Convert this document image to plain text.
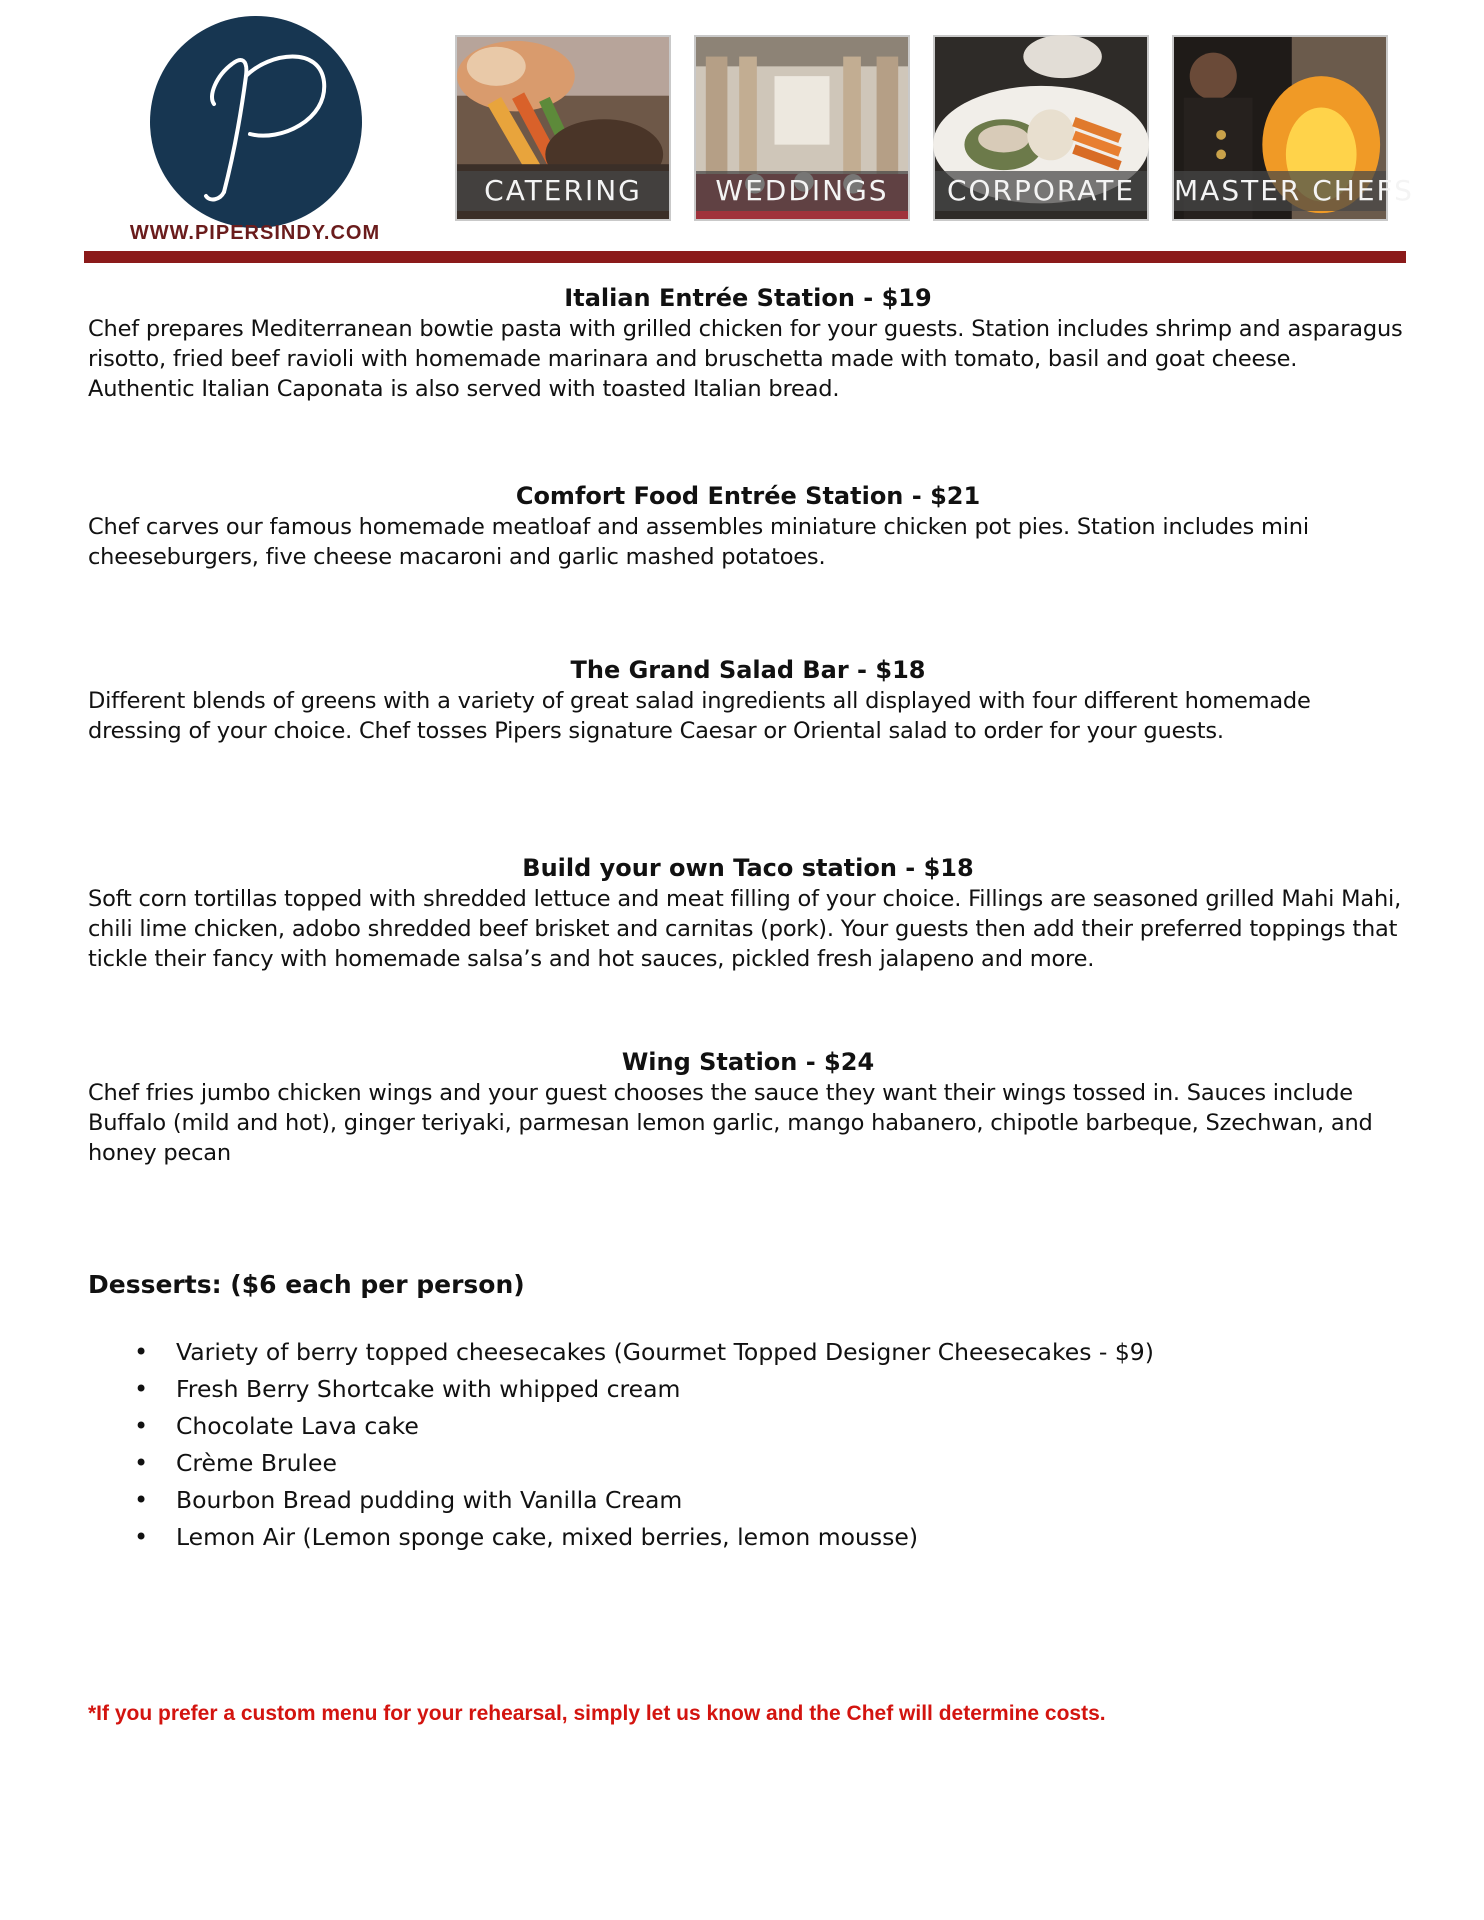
WWW.PIPERSINDY.COM
CATERING	WEDDINGS	CORPORATE	MASTER CHEFS
Italian Entrée Station - $19

Chef prepares Mediterranean bowtie pasta with grilled chicken for your guests. Station includes shrimp and asparagus risotto, fried beef ravioli with homemade marinara and bruschetta made with tomato, basil and goat cheese. Authentic Italian Caponata is also served with toasted Italian bread.

Comfort Food Entrée Station - $21

Chef carves our famous homemade meatloaf and assembles miniature chicken pot pies. Station includes mini cheeseburgers, five cheese macaroni and garlic mashed potatoes.

The Grand Salad Bar - $18

Different blends of greens with a variety of great salad ingredients all displayed with four different homemade dressing of your choice. Chef tosses Pipers signature Caesar or Oriental salad to order for your guests.

Build your own Taco station - $18

Soft corn tortillas topped with shredded lettuce and meat filling of your choice. Fillings are seasoned grilled Mahi Mahi, chili lime chicken, adobo shredded beef brisket and carnitas (pork). Your guests then add their preferred toppings that tickle their fancy with homemade salsa’s and hot sauces, pickled fresh jalapeno and more.

Wing Station - $24

Chef fries jumbo chicken wings and your guest chooses the sauce they want their wings tossed in. Sauces include Buffalo (mild and hot), ginger teriyaki, parmesan lemon garlic, mango habanero, chipotle barbeque, Szechwan, and honey pecan

Desserts: ($6 each per person)
• Variety of berry topped cheesecakes (Gourmet Topped Designer Cheesecakes - $9)
• Fresh Berry Shortcake with whipped cream
• Chocolate Lava cake
• Crème Brulee
• Bourbon Bread pudding with Vanilla Cream
• Lemon Air (Lemon sponge cake, mixed berries, lemon mousse)
*If you prefer a custom menu for your rehearsal, simply let us know and the Chef will determine costs.
